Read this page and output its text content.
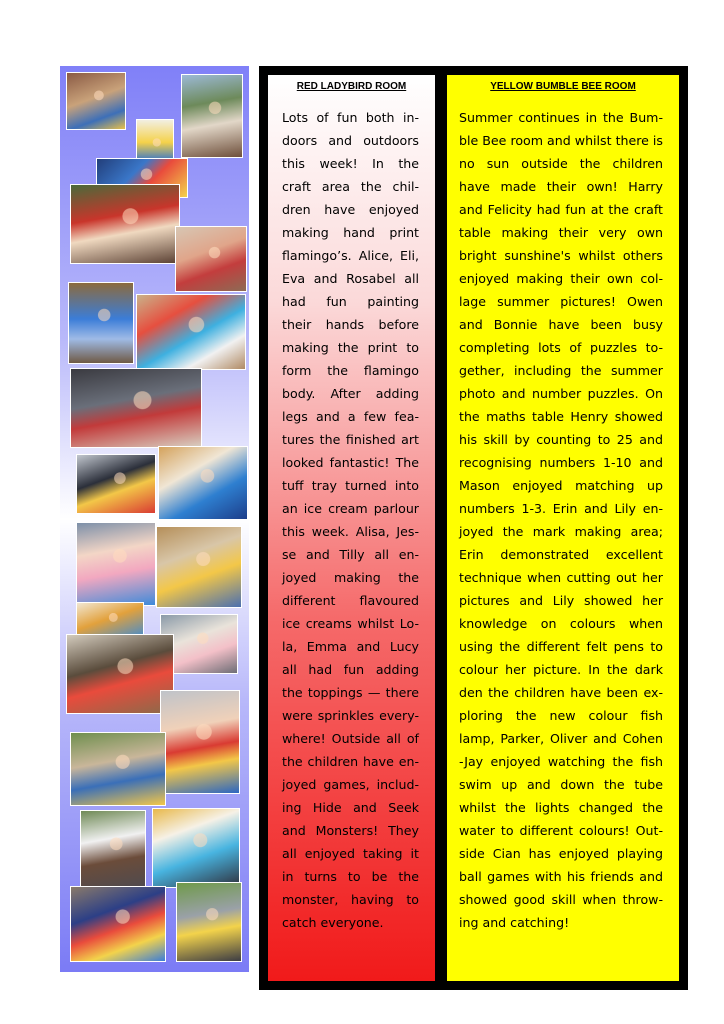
RED LADYBIRD ROOM
Lots of fun both in-doors and outdoors this week! In the craft area the chil-dren have enjoyed making hand print flamingo’s. Alice, Eli, Eva and Rosabel all had fun painting their hands before making the print to form the flamingo body. After adding legs and a few fea-tures the finished art looked fantastic! The tuff tray turned into an ice cream parlour this week. Alisa, Jes-se and Tilly all en-joyed making the different flavoured ice creams whilst Lo-la, Emma and Lucy all had fun adding the toppings — there were sprinkles every-where! Outside all of the children have en-joyed games, includ-ing Hide and Seek and Monsters! They all enjoyed taking it in turns to be the monster, having to catch everyone.
YELLOW BUMBLE BEE ROOM
Summer continues in the Bum-ble Bee room and whilst there is no sun outside the children have made their own! Harry and Felicity had fun at the craft table making their very own bright sunshine's whilst others enjoyed making their own col-lage summer pictures! Owen and Bonnie have been busy completing lots of puzzles to-gether, including the summer photo and number puzzles. On the maths table Henry showed his skill by counting to 25 and recognising numbers 1-10 and Mason enjoyed matching up numbers 1-3. Erin and Lily en-joyed the mark making area; Erin demonstrated excellent technique when cutting out her pictures and Lily showed her knowledge on colours when using the different felt pens to colour her picture. In the dark den the children have been ex-ploring the new colour fish lamp, Parker, Oliver and Cohen -Jay enjoyed watching the fish swim up and down the tube whilst the lights changed the water to different colours! Out-side Cian has enjoyed playing ball games with his friends and showed good skill when throw-ing and catching!
